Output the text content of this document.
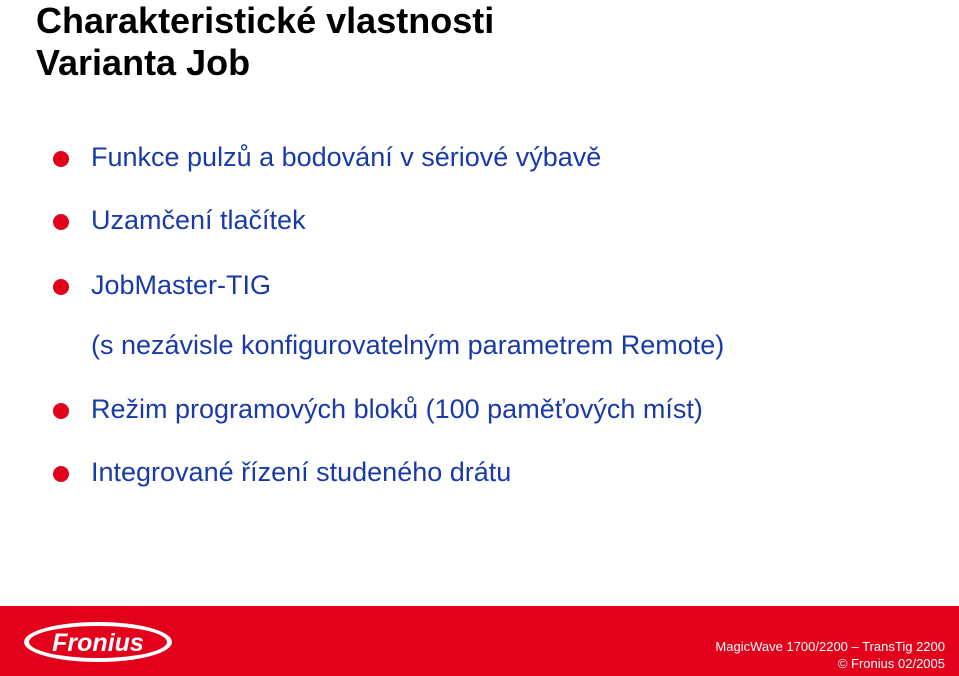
Charakteristické vlastnosti
Varianta Job
Funkce pulzů a bodování v sériové výbavě
Uzamčení tlačítek
JobMaster-TIG
(s nezávisle konfigurovatelným parametrem Remote)
Režim programových bloků (100 paměťových míst)
Integrované řízení studeného drátu
Fronius	MagicWave 1700/2200 – TransTig 2200
© Fronius 02/2005
